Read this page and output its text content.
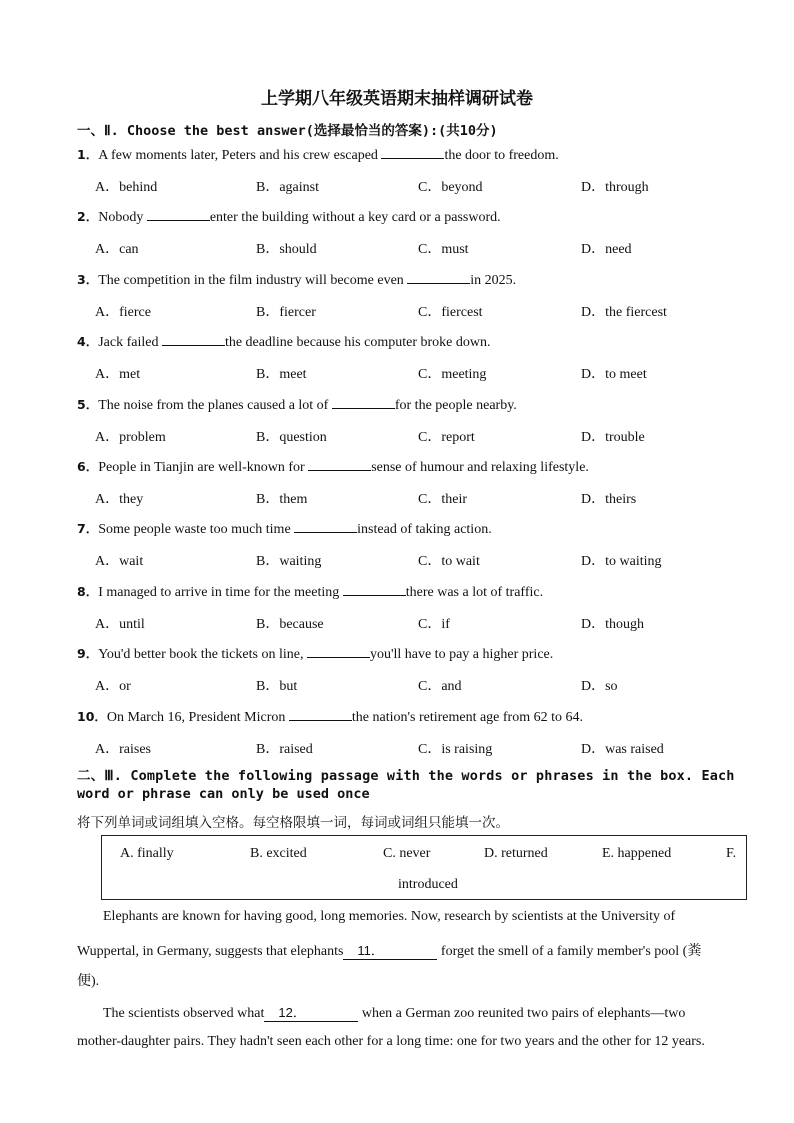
上学期八年级英语期末抽样调研试卷
一、Ⅱ. Choose the best answer(选择最恰当的答案):(共10分)
1．A few moments later, Peters and his crew escaped	the door to freedom.
A．behind	B．against	C．beyond	D．through
2．Nobody	enter the building without a key card or a password.
A．can	B．should	C．must	D．need
3．The competition in the film industry will become even	in 2025.
A．fierce	B．fiercer	C．fiercest	D．the fiercest
4．Jack failed	the deadline because his computer broke down.
A．met	B．meet	C．meeting	D．to meet
5．The noise from the planes caused a lot of	for the people nearby.
A．problem	B．question	C．report	D．trouble
6．People in Tianjin are well-known for	sense of humour and relaxing lifestyle.
A．they	B．them	C．their	D．theirs
7．Some people waste too much time	instead of taking action.
A．wait	B．waiting	C．to wait	D．to waiting
8．I managed to arrive in time for the meeting	there was a lot of traffic.
A．until	B．because	C．if	D．though
9．You'd better book the tickets on line,	you'll have to pay a higher price.
A．or	B．but	C．and	D．so
10．On March 16, President Micron	the nation's retirement age from 62 to 64.
A．raises	B．raised	C．is raising	D．was raised
二、Ⅲ. Complete the following passage with the words or phrases in the box. Each
word or phrase can only be used once
将下列单词或词组填入空格。每空格限填一词，每词或词组只能填一次。
A. finally	B. excited	C. never	D. returned	E. happened	F.
introduced
Elephants are known for having good, long memories. Now, research by scientists at the University of
Wuppertal, in Germany, suggests that elephants 11．	forget the smell of a family member's pool (粪
便).
The scientists observed what 12．	when a German zoo reunited two pairs of elephants—two
mother-daughter pairs. They hadn't seen each other for a long time: one for two years and the other for 12 years.
